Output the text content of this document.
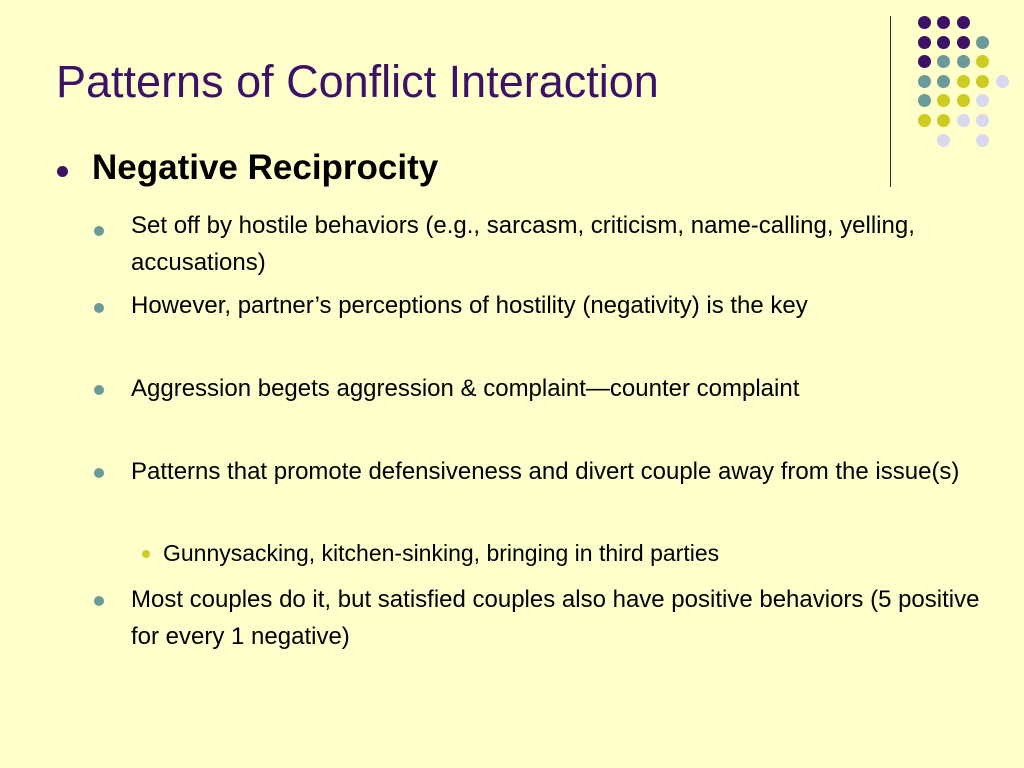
Patterns of Conflict Interaction
Negative Reciprocity
Set off by hostile behaviors (e.g., sarcasm, criticism, name-calling, yelling, accusations)
However, partner’s perceptions of hostility (negativity) is the key
Aggression begets aggression & complaint—counter complaint
Patterns that promote defensiveness and divert couple away from the issue(s)
Gunnysacking, kitchen-sinking, bringing in third parties
Most couples do it, but satisfied couples also have positive behaviors (5 positive for every 1 negative)
